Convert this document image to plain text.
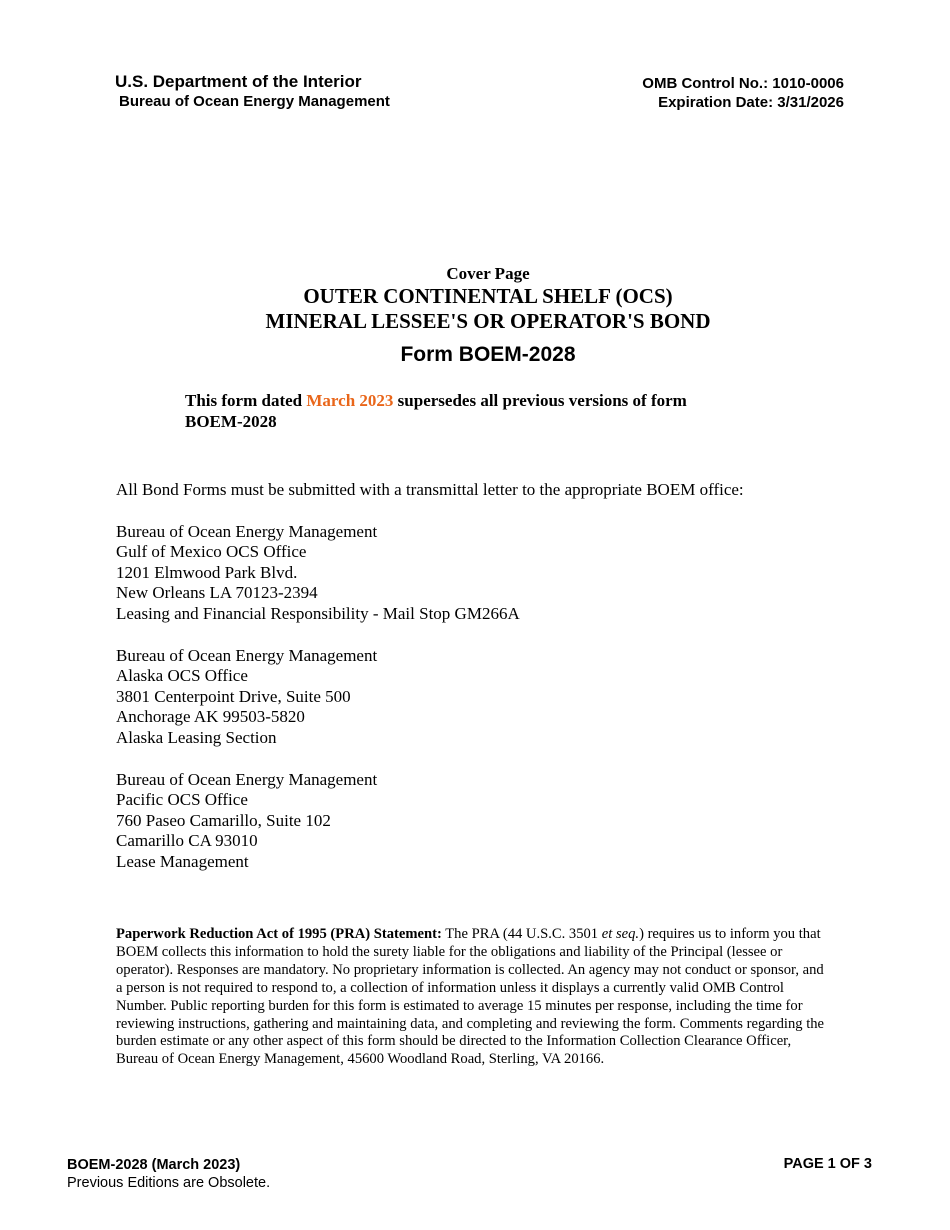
U.S. Department of the Interior
Bureau of Ocean Energy Management
OMB Control No.: 1010-0006
Expiration Date: 3/31/2026
Cover Page
OUTER CONTINENTAL SHELF (OCS)
MINERAL LESSEE'S OR OPERATOR'S BOND
Form BOEM-2028
This form dated March 2023 supersedes all previous versions of form BOEM-2028
All Bond Forms must be submitted with a transmittal letter to the appropriate BOEM office:
Bureau of Ocean Energy Management
Gulf of Mexico OCS Office
1201 Elmwood Park Blvd.
New Orleans LA 70123-2394
Leasing and Financial Responsibility - Mail Stop GM266A
Bureau of Ocean Energy Management
Alaska OCS Office
3801 Centerpoint Drive, Suite 500
Anchorage AK 99503-5820
Alaska Leasing Section
Bureau of Ocean Energy Management
Pacific OCS Office
760 Paseo Camarillo, Suite 102
Camarillo CA 93010
Lease Management
Paperwork Reduction Act of 1995 (PRA) Statement: The PRA (44 U.S.C. 3501 et seq.) requires us to inform you that BOEM collects this information to hold the surety liable for the obligations and liability of the Principal (lessee or operator). Responses are mandatory. No proprietary information is collected. An agency may not conduct or sponsor, and a person is not required to respond to, a collection of information unless it displays a currently valid OMB Control Number. Public reporting burden for this form is estimated to average 15 minutes per response, including the time for reviewing instructions, gathering and maintaining data, and completing and reviewing the form. Comments regarding the burden estimate or any other aspect of this form should be directed to the Information Collection Clearance Officer, Bureau of Ocean Energy Management, 45600 Woodland Road, Sterling, VA 20166.
BOEM-2028 (March 2023)
Previous Editions are Obsolete.
PAGE 1 OF 3
